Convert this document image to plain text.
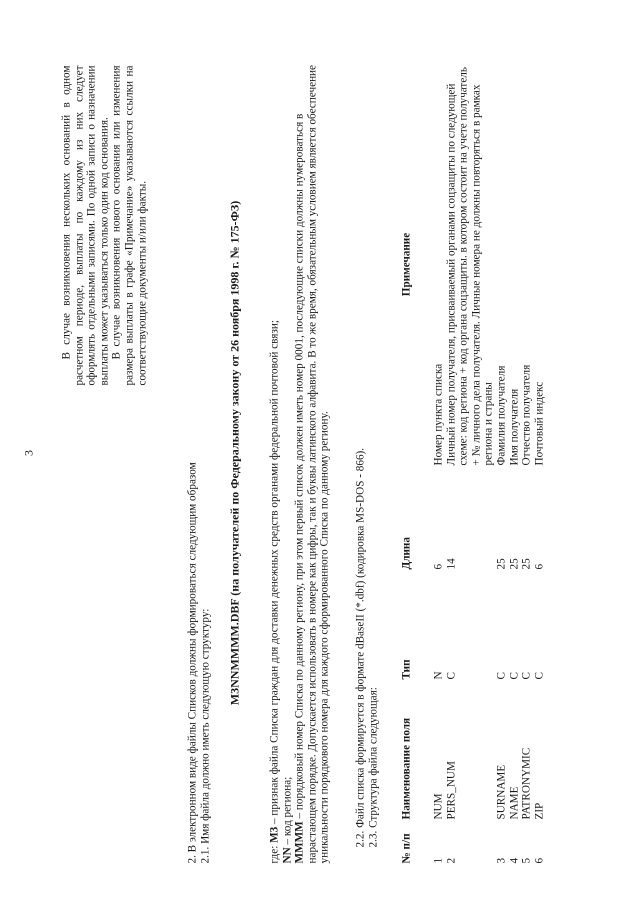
3

В случае возникновения нескольких оснований в одном расчетном периоде, выплаты по каждому из них следует оформлять отдельными записями. По одной записи о назначении выплаты может указываться только один код основания. В случае возникновения нового основания или изменения размера выплаты в графе «Примечание» указываются ссылки на соответствующие документы и/или факты.

2. В электронном виде файлы Списков должны формироваться следующим образом 2.1. Имя файла должно иметь следующую структуру:

M3NNMMMM.DBF (на получателей по Федеральному закону от 26 ноября 1998 г. № 175-ФЗ)

где: M3 – признак файла Списка граждан для доставки денежных средств органами федеральной почтовой связи;

NN – код региона; MMMM – порядковый номер Списка по данному региону, при этом первый список должен иметь номер 0001, последующие списки должны нумероваться в нарастающем порядке. Допускается использовать в номере как цифры, так и буквы латинского алфавита. В то же время, обязательным условием является обеспечение уникальности порядкового номера для каждого сформированного Списка по данному региону. 2.2. Файл списка формируется в формате dBaseII (*.dbf) (кодировка MS-DOS - 866). 2.3. Структура файла следующая:

№ п/п	Наименование поля	Тип	Длина	Примечание
1	NUM	N	6	Номер пункта списка
2	PERS_NUM	C	14	Личный номер получателя, присваиваемый органами соцзащиты по следующей схеме: код региона + код органа соцзащиты. в котором состоит на учете получатель + № личного дела получателя. Личные номера не должны повторяться в рамках региона и страны
3	SURNAME	C	25	Фамилия получателя
4	NAME	C	25	Имя получателя
5	PATRONYMIC	C	25	Отчество получателя
6	ZIP	C	6	Почтовый индекс
